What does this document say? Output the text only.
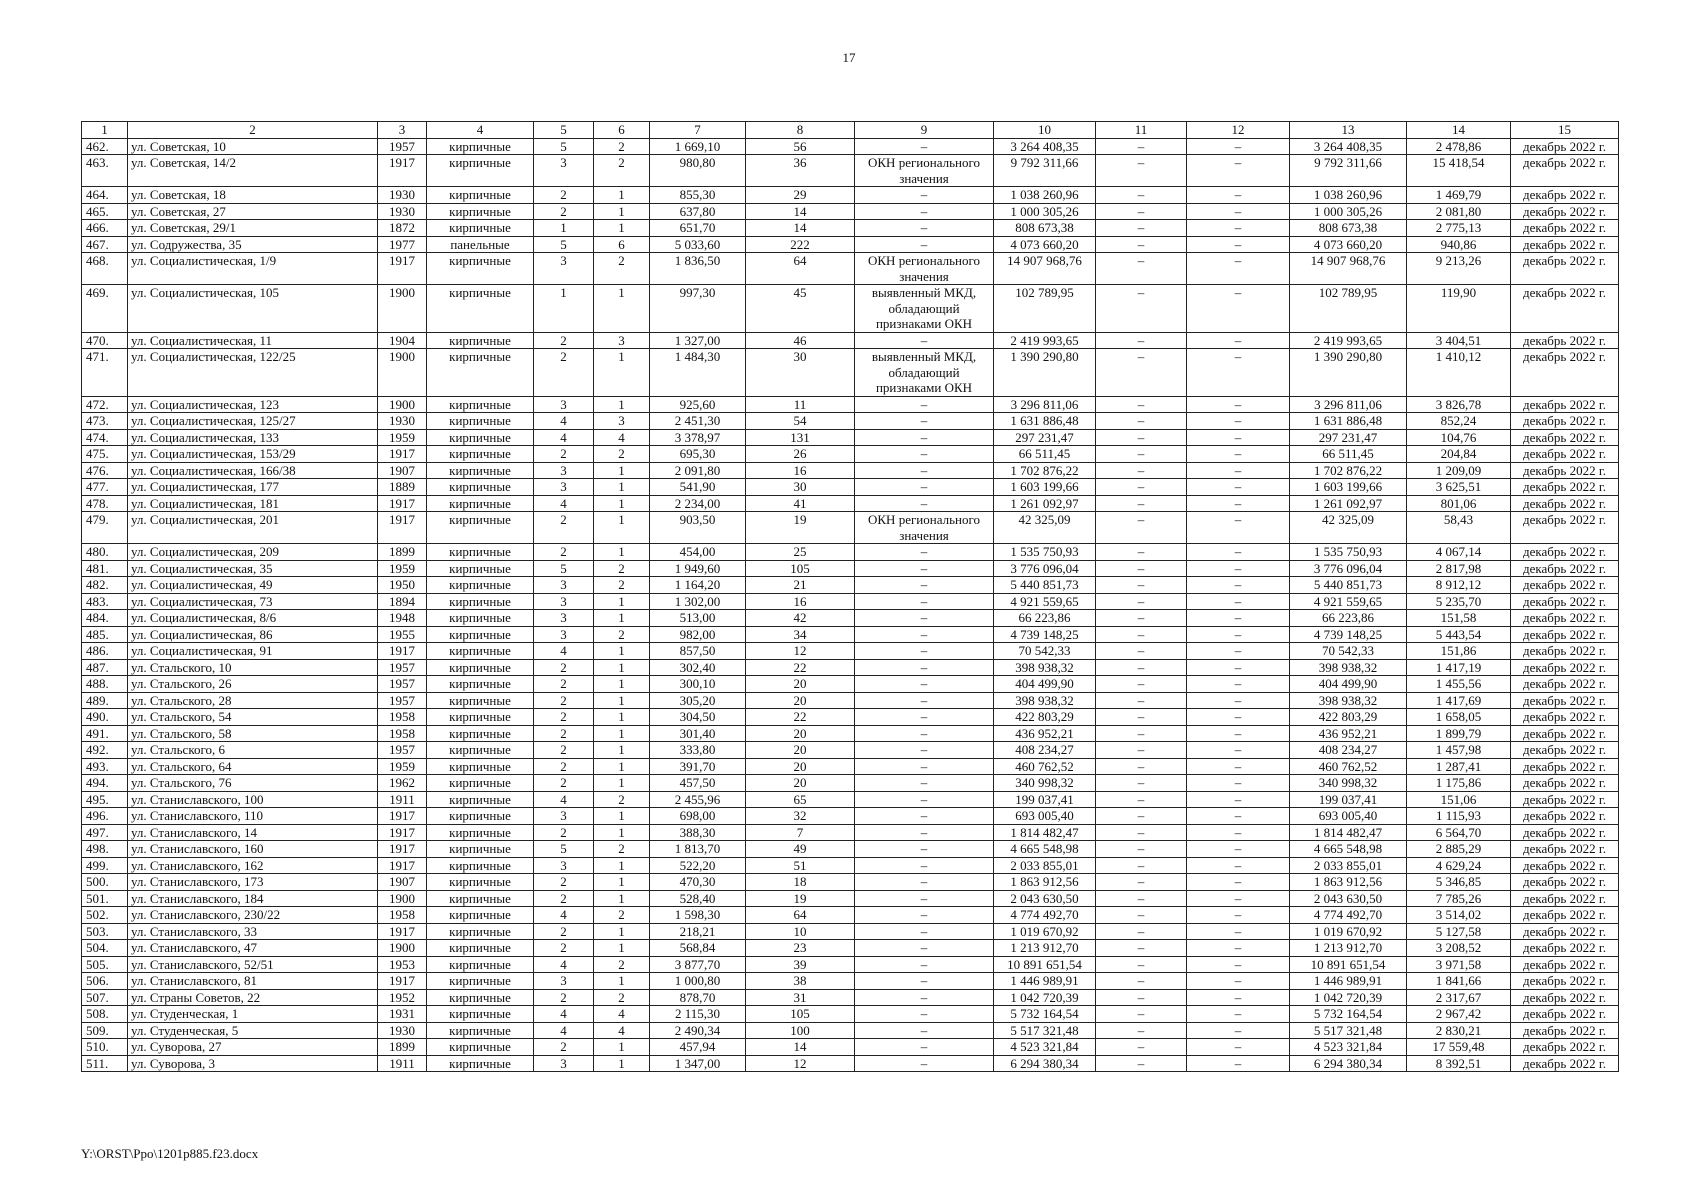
17
1	2	3	4	5	6	7	8	9	10	11	12	13	14	15
462.	ул. Советская, 10	1957	кирпичные	5	2	1 669,10	56	–	3 264 408,35	–	–	3 264 408,35	2 478,86	декабрь 2022 г.
463.	ул. Советская, 14/2	1917	кирпичные	3	2	980,80	36	ОКН регионального значения	9 792 311,66	–	–	9 792 311,66	15 418,54	декабрь 2022 г.
464.	ул. Советская, 18	1930	кирпичные	2	1	855,30	29	–	1 038 260,96	–	–	1 038 260,96	1 469,79	декабрь 2022 г.
465.	ул. Советская, 27	1930	кирпичные	2	1	637,80	14	–	1 000 305,26	–	–	1 000 305,26	2 081,80	декабрь 2022 г.
466.	ул. Советская, 29/1	1872	кирпичные	1	1	651,70	14	–	808 673,38	–	–	808 673,38	2 775,13	декабрь 2022 г.
467.	ул. Содружества, 35	1977	панельные	5	6	5 033,60	222	–	4 073 660,20	–	–	4 073 660,20	940,86	декабрь 2022 г.
468.	ул. Социалистическая, 1/9	1917	кирпичные	3	2	1 836,50	64	ОКН регионального значения	14 907 968,76	–	–	14 907 968,76	9 213,26	декабрь 2022 г.
469.	ул. Социалистическая, 105	1900	кирпичные	1	1	997,30	45	выявленный МКД, обладающий признаками ОКН	102 789,95	–	–	102 789,95	119,90	декабрь 2022 г.
470.	ул. Социалистическая, 11	1904	кирпичные	2	3	1 327,00	46	–	2 419 993,65	–	–	2 419 993,65	3 404,51	декабрь 2022 г.
471.	ул. Социалистическая, 122/25	1900	кирпичные	2	1	1 484,30	30	выявленный МКД, обладающий признаками ОКН	1 390 290,80	–	–	1 390 290,80	1 410,12	декабрь 2022 г.
472.	ул. Социалистическая, 123	1900	кирпичные	3	1	925,60	11	–	3 296 811,06	–	–	3 296 811,06	3 826,78	декабрь 2022 г.
473.	ул. Социалистическая, 125/27	1930	кирпичные	4	3	2 451,30	54	–	1 631 886,48	–	–	1 631 886,48	852,24	декабрь 2022 г.
474.	ул. Социалистическая, 133	1959	кирпичные	4	4	3 378,97	131	–	297 231,47	–	–	297 231,47	104,76	декабрь 2022 г.
475.	ул. Социалистическая, 153/29	1917	кирпичные	2	2	695,30	26	–	66 511,45	–	–	66 511,45	204,84	декабрь 2022 г.
476.	ул. Социалистическая, 166/38	1907	кирпичные	3	1	2 091,80	16	–	1 702 876,22	–	–	1 702 876,22	1 209,09	декабрь 2022 г.
477.	ул. Социалистическая, 177	1889	кирпичные	3	1	541,90	30	–	1 603 199,66	–	–	1 603 199,66	3 625,51	декабрь 2022 г.
478.	ул. Социалистическая, 181	1917	кирпичные	4	1	2 234,00	41	–	1 261 092,97	–	–	1 261 092,97	801,06	декабрь 2022 г.
479.	ул. Социалистическая, 201	1917	кирпичные	2	1	903,50	19	ОКН регионального значения	42 325,09	–	–	42 325,09	58,43	декабрь 2022 г.
480.	ул. Социалистическая, 209	1899	кирпичные	2	1	454,00	25	–	1 535 750,93	–	–	1 535 750,93	4 067,14	декабрь 2022 г.
481.	ул. Социалистическая, 35	1959	кирпичные	5	2	1 949,60	105	–	3 776 096,04	–	–	3 776 096,04	2 817,98	декабрь 2022 г.
482.	ул. Социалистическая, 49	1950	кирпичные	3	2	1 164,20	21	–	5 440 851,73	–	–	5 440 851,73	8 912,12	декабрь 2022 г.
483.	ул. Социалистическая, 73	1894	кирпичные	3	1	1 302,00	16	–	4 921 559,65	–	–	4 921 559,65	5 235,70	декабрь 2022 г.
484.	ул. Социалистическая, 8/6	1948	кирпичные	3	1	513,00	42	–	66 223,86	–	–	66 223,86	151,58	декабрь 2022 г.
485.	ул. Социалистическая, 86	1955	кирпичные	3	2	982,00	34	–	4 739 148,25	–	–	4 739 148,25	5 443,54	декабрь 2022 г.
486.	ул. Социалистическая, 91	1917	кирпичные	4	1	857,50	12	–	70 542,33	–	–	70 542,33	151,86	декабрь 2022 г.
487.	ул. Стальского, 10	1957	кирпичные	2	1	302,40	22	–	398 938,32	–	–	398 938,32	1 417,19	декабрь 2022 г.
488.	ул. Стальского, 26	1957	кирпичные	2	1	300,10	20	–	404 499,90	–	–	404 499,90	1 455,56	декабрь 2022 г.
489.	ул. Стальского, 28	1957	кирпичные	2	1	305,20	20	–	398 938,32	–	–	398 938,32	1 417,69	декабрь 2022 г.
490.	ул. Стальского, 54	1958	кирпичные	2	1	304,50	22	–	422 803,29	–	–	422 803,29	1 658,05	декабрь 2022 г.
491.	ул. Стальского, 58	1958	кирпичные	2	1	301,40	20	–	436 952,21	–	–	436 952,21	1 899,79	декабрь 2022 г.
492.	ул. Стальского, 6	1957	кирпичные	2	1	333,80	20	–	408 234,27	–	–	408 234,27	1 457,98	декабрь 2022 г.
493.	ул. Стальского, 64	1959	кирпичные	2	1	391,70	20	–	460 762,52	–	–	460 762,52	1 287,41	декабрь 2022 г.
494.	ул. Стальского, 76	1962	кирпичные	2	1	457,50	20	–	340 998,32	–	–	340 998,32	1 175,86	декабрь 2022 г.
495.	ул. Станиславского, 100	1911	кирпичные	4	2	2 455,96	65	–	199 037,41	–	–	199 037,41	151,06	декабрь 2022 г.
496.	ул. Станиславского, 110	1917	кирпичные	3	1	698,00	32	–	693 005,40	–	–	693 005,40	1 115,93	декабрь 2022 г.
497.	ул. Станиславского, 14	1917	кирпичные	2	1	388,30	7	–	1 814 482,47	–	–	1 814 482,47	6 564,70	декабрь 2022 г.
498.	ул. Станиславского, 160	1917	кирпичные	5	2	1 813,70	49	–	4 665 548,98	–	–	4 665 548,98	2 885,29	декабрь 2022 г.
499.	ул. Станиславского, 162	1917	кирпичные	3	1	522,20	51	–	2 033 855,01	–	–	2 033 855,01	4 629,24	декабрь 2022 г.
500.	ул. Станиславского, 173	1907	кирпичные	2	1	470,30	18	–	1 863 912,56	–	–	1 863 912,56	5 346,85	декабрь 2022 г.
501.	ул. Станиславского, 184	1900	кирпичные	2	1	528,40	19	–	2 043 630,50	–	–	2 043 630,50	7 785,26	декабрь 2022 г.
502.	ул. Станиславского, 230/22	1958	кирпичные	4	2	1 598,30	64	–	4 774 492,70	–	–	4 774 492,70	3 514,02	декабрь 2022 г.
503.	ул. Станиславского, 33	1917	кирпичные	2	1	218,21	10	–	1 019 670,92	–	–	1 019 670,92	5 127,58	декабрь 2022 г.
504.	ул. Станиславского, 47	1900	кирпичные	2	1	568,84	23	–	1 213 912,70	–	–	1 213 912,70	3 208,52	декабрь 2022 г.
505.	ул. Станиславского, 52/51	1953	кирпичные	4	2	3 877,70	39	–	10 891 651,54	–	–	10 891 651,54	3 971,58	декабрь 2022 г.
506.	ул. Станиславского, 81	1917	кирпичные	3	1	1 000,80	38	–	1 446 989,91	–	–	1 446 989,91	1 841,66	декабрь 2022 г.
507.	ул. Страны Советов, 22	1952	кирпичные	2	2	878,70	31	–	1 042 720,39	–	–	1 042 720,39	2 317,67	декабрь 2022 г.
508.	ул. Студенческая, 1	1931	кирпичные	4	4	2 115,30	105	–	5 732 164,54	–	–	5 732 164,54	2 967,42	декабрь 2022 г.
509.	ул. Студенческая, 5	1930	кирпичные	4	4	2 490,34	100	–	5 517 321,48	–	–	5 517 321,48	2 830,21	декабрь 2022 г.
510.	ул. Суворова, 27	1899	кирпичные	2	1	457,94	14	–	4 523 321,84	–	–	4 523 321,84	17 559,48	декабрь 2022 г.
511.	ул. Суворова, 3	1911	кирпичные	3	1	1 347,00	12	–	6 294 380,34	–	–	6 294 380,34	8 392,51	декабрь 2022 г.
Y:\ORST\Ppo\1201p885.f23.docx
